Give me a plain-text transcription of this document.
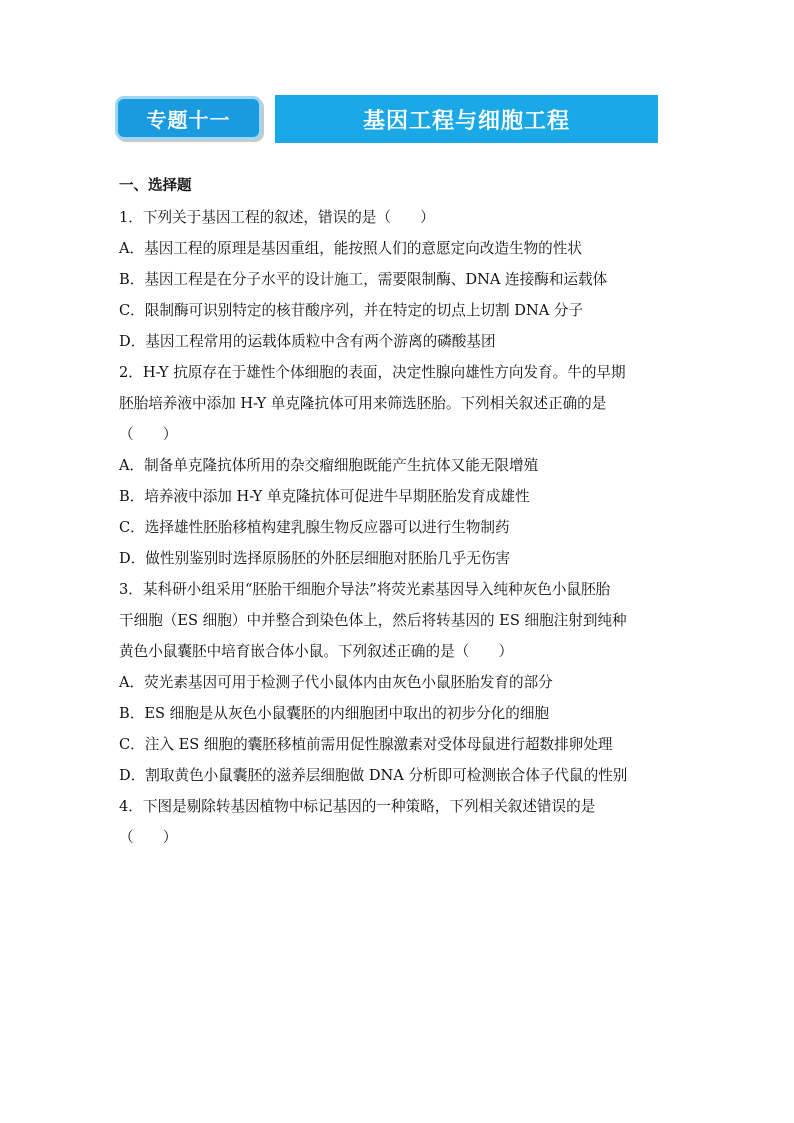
专题十一	基因工程与细胞工程
一、选择题
1．下列关于基因工程的叙述，错误的是（　　）
A．基因工程的原理是基因重组，能按照人们的意愿定向改造生物的性状
B．基因工程是在分子水平的设计施工，需要限制酶、DNA 连接酶和运载体
C．限制酶可识别特定的核苷酸序列，并在特定的切点上切割 DNA 分子
D．基因工程常用的运载体质粒中含有两个游离的磷酸基团
2．H-Y 抗原存在于雄性个体细胞的表面，决定性腺向雄性方向发育。牛的早期
胚胎培养液中添加 H-Y 单克隆抗体可用来筛选胚胎。下列相关叙述正确的是
（　　）
A．制备单克隆抗体所用的杂交瘤细胞既能产生抗体又能无限增殖
B．培养液中添加 H-Y 单克隆抗体可促进牛早期胚胎发育成雄性
C．选择雄性胚胎移植构建乳腺生物反应器可以进行生物制药
D．做性别鉴别时选择原肠胚的外胚层细胞对胚胎几乎无伤害
3．某科研小组采用“胚胎干细胞介导法”将荧光素基因导入纯种灰色小鼠胚胎
干细胞（ES 细胞）中并整合到染色体上，然后将转基因的 ES 细胞注射到纯种
黄色小鼠囊胚中培育嵌合体小鼠。下列叙述正确的是（　　）
A．荧光素基因可用于检测子代小鼠体内由灰色小鼠胚胎发育的部分
B．ES 细胞是从灰色小鼠囊胚的内细胞团中取出的初步分化的细胞
C．注入 ES 细胞的囊胚移植前需用促性腺激素对受体母鼠进行超数排卵处理
D．割取黄色小鼠囊胚的滋养层细胞做 DNA 分析即可检测嵌合体子代鼠的性别
4．下图是剔除转基因植物中标记基因的一种策略，下列相关叙述错误的是
（　　）
